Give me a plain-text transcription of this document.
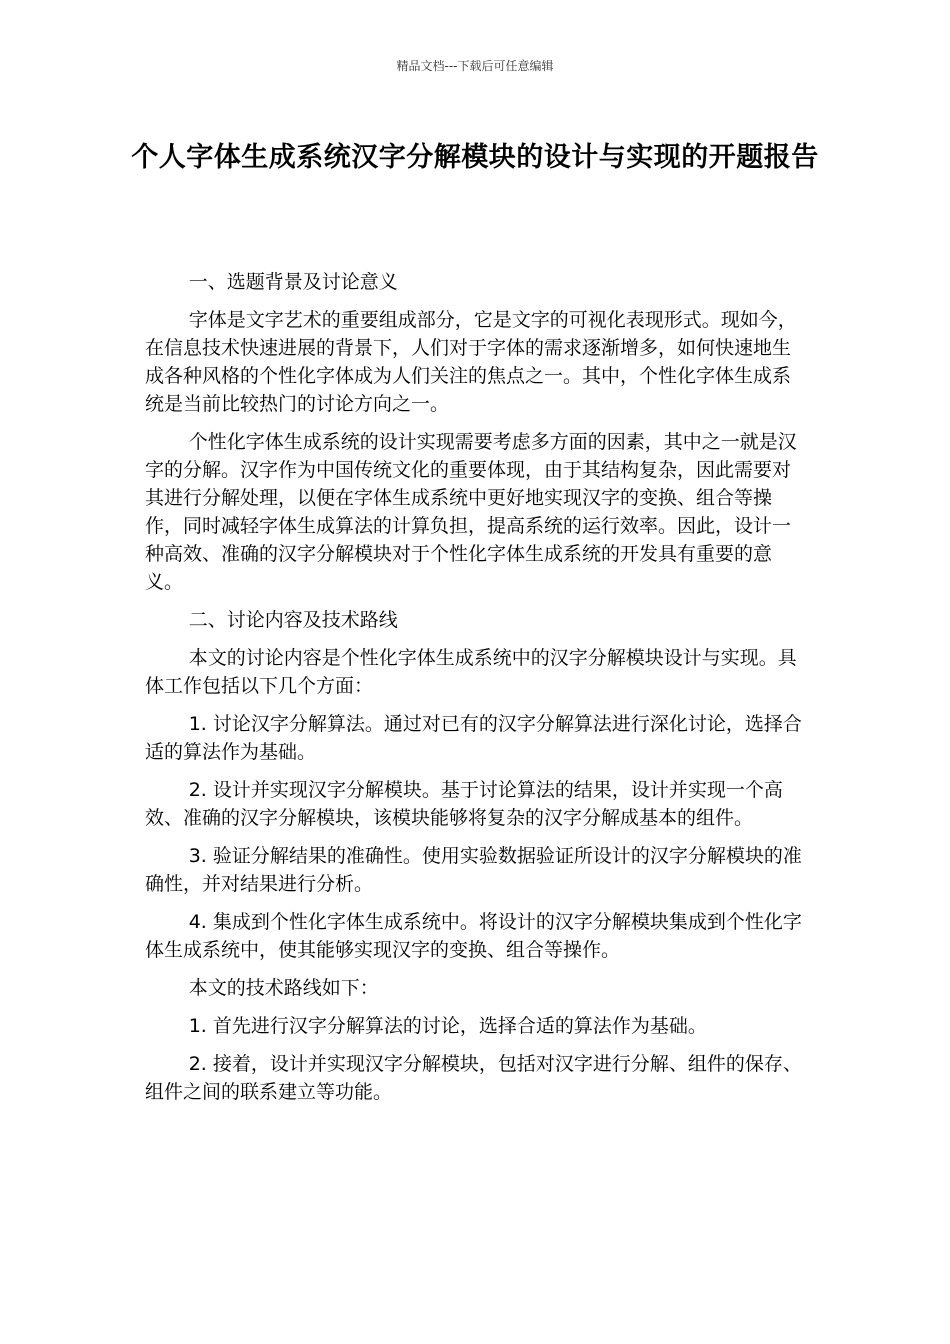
精品文档---下载后可任意编辑
个人字体生成系统汉字分解模块的设计与实现的开题报告

一、选题背景及讨论意义

字体是文字艺术的重要组成部分，它是文字的可视化表现形式。现如今，在信息技术快速进展的背景下，人们对于字体的需求逐渐增多，如何快速地生成各种风格的个性化字体成为人们关注的焦点之一。其中，个性化字体生成系统是当前比较热门的讨论方向之一。

个性化字体生成系统的设计实现需要考虑多方面的因素，其中之一就是汉字的分解。汉字作为中国传统文化的重要体现，由于其结构复杂，因此需要对其进行分解处理，以便在字体生成系统中更好地实现汉字的变换、组合等操作，同时减轻字体生成算法的计算负担，提高系统的运行效率。因此，设计一种高效、准确的汉字分解模块对于个性化字体生成系统的开发具有重要的意义。

二、讨论内容及技术路线

本文的讨论内容是个性化字体生成系统中的汉字分解模块设计与实现。具体工作包括以下几个方面：

1. 讨论汉字分解算法。通过对已有的汉字分解算法进行深化讨论，选择合适的算法作为基础。

2. 设计并实现汉字分解模块。基于讨论算法的结果，设计并实现一个高效、准确的汉字分解模块，该模块能够将复杂的汉字分解成基本的组件。

3. 验证分解结果的准确性。使用实验数据验证所设计的汉字分解模块的准确性，并对结果进行分析。

4. 集成到个性化字体生成系统中。将设计的汉字分解模块集成到个性化字体生成系统中，使其能够实现汉字的变换、组合等操作。

本文的技术路线如下：

1. 首先进行汉字分解算法的讨论，选择合适的算法作为基础。

2. 接着，设计并实现汉字分解模块，包括对汉字进行分解、组件的保存、组件之间的联系建立等功能。
